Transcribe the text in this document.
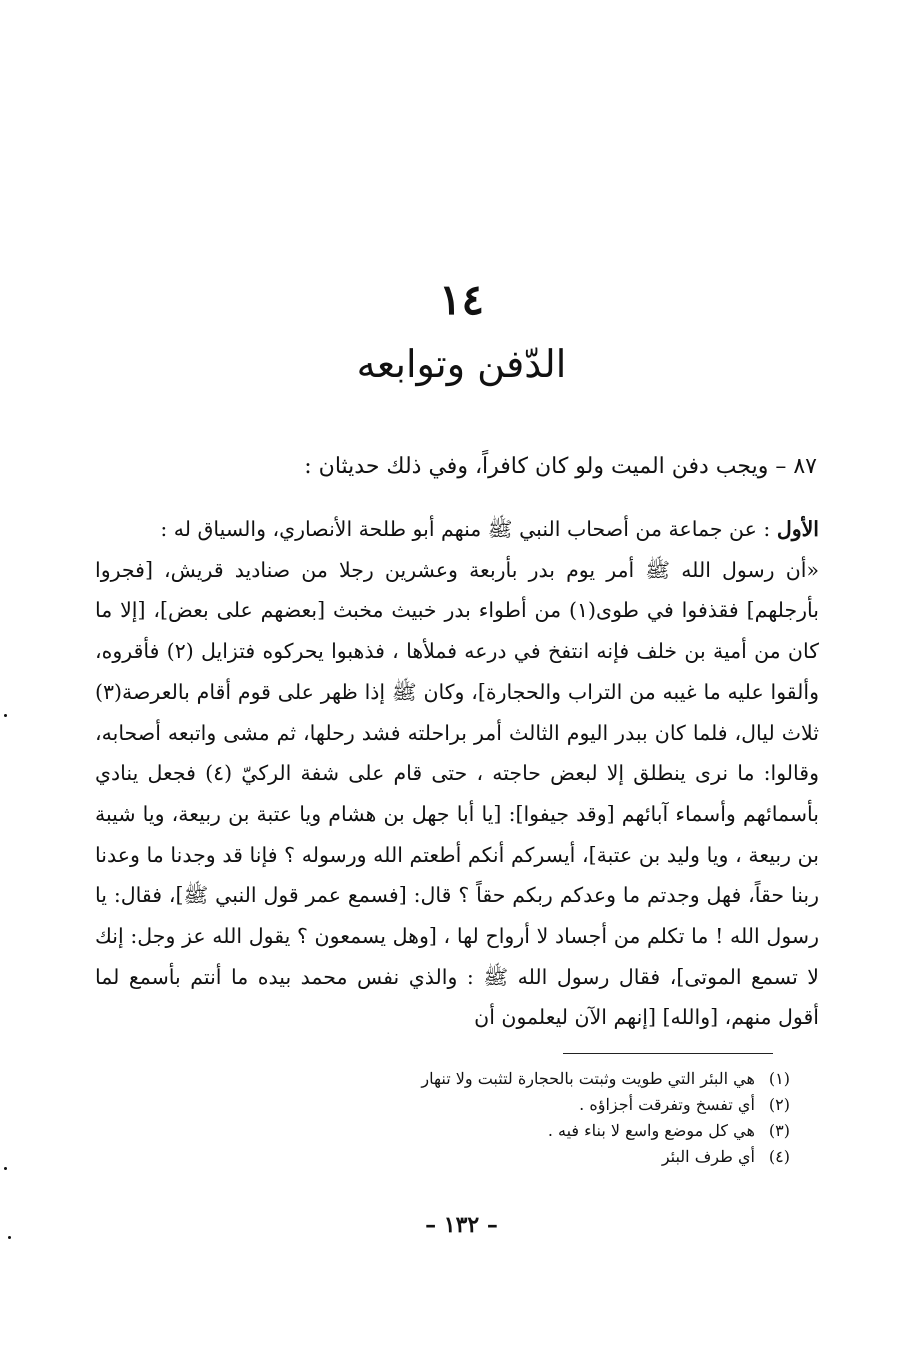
١٤
الدّفن وتوابعه
٨٧ – ويجب دفن الميت ولو كان كافراً، وفي ذلك حديثان :

الأول : عن جماعة من أصحاب النبي ﷺ منهم أبو طلحة الأنصاري، والسياق له :

«أن رسول الله ﷺ أمر يوم بدر بأربعة وعشرين رجلا من صناديد قريش، [فجروا بأرجلهم] فقذفوا في طوى(١) من أطواء بدر خبيث مخبث [بعضهم على بعض]، [إلا ما كان من أمية بن خلف فإنه انتفخ في درعه فملأها ، فذهبوا يحركوه فتزايل (٢) فأقروه، وألقوا عليه ما غيبه من التراب والحجارة]، وكان ﷺ إذا ظهر على قوم أقام بالعرصة(٣) ثلاث ليال، فلما كان ببدر اليوم الثالث أمر براحلته فشد رحلها، ثم مشى واتبعه أصحابه، وقالوا: ما نرى ينطلق إلا لبعض حاجته ، حتى قام على شفة الركيّ (٤) فجعل ينادي بأسمائهم وأسماء آبائهم [وقد جيفوا]: [يا أبا جهل بن هشام ويا عتبة بن ربيعة، ويا شيبة بن ربيعة ، ويا وليد بن عتبة]، أيسركم أنكم أطعتم الله ورسوله ؟ فإنا قد وجدنا ما وعدنا ربنا حقاً، فهل وجدتم ما وعدكم ربكم حقاً ؟ قال: [فسمع عمر قول النبي ﷺ]، فقال: يا رسول الله ! ما تكلم من أجساد لا أرواح لها ، [وهل يسمعون ؟ يقول الله عز وجل: إنك لا تسمع الموتى]، فقال رسول الله ﷺ : والذي نفس محمد بيده ما أنتم بأسمع لما أقول منهم، [والله] [إنهم الآن ليعلمون أن

(١)هي البئر التي طويت وثبتت بالحجارة لتثبت ولا تنهار
(٢)أي تفسخ وتفرقت أجزاؤه .
(٣)هي كل موضع واسع لا بناء فيه .
(٤)أي طرف البئر
– ١٣٢ –
